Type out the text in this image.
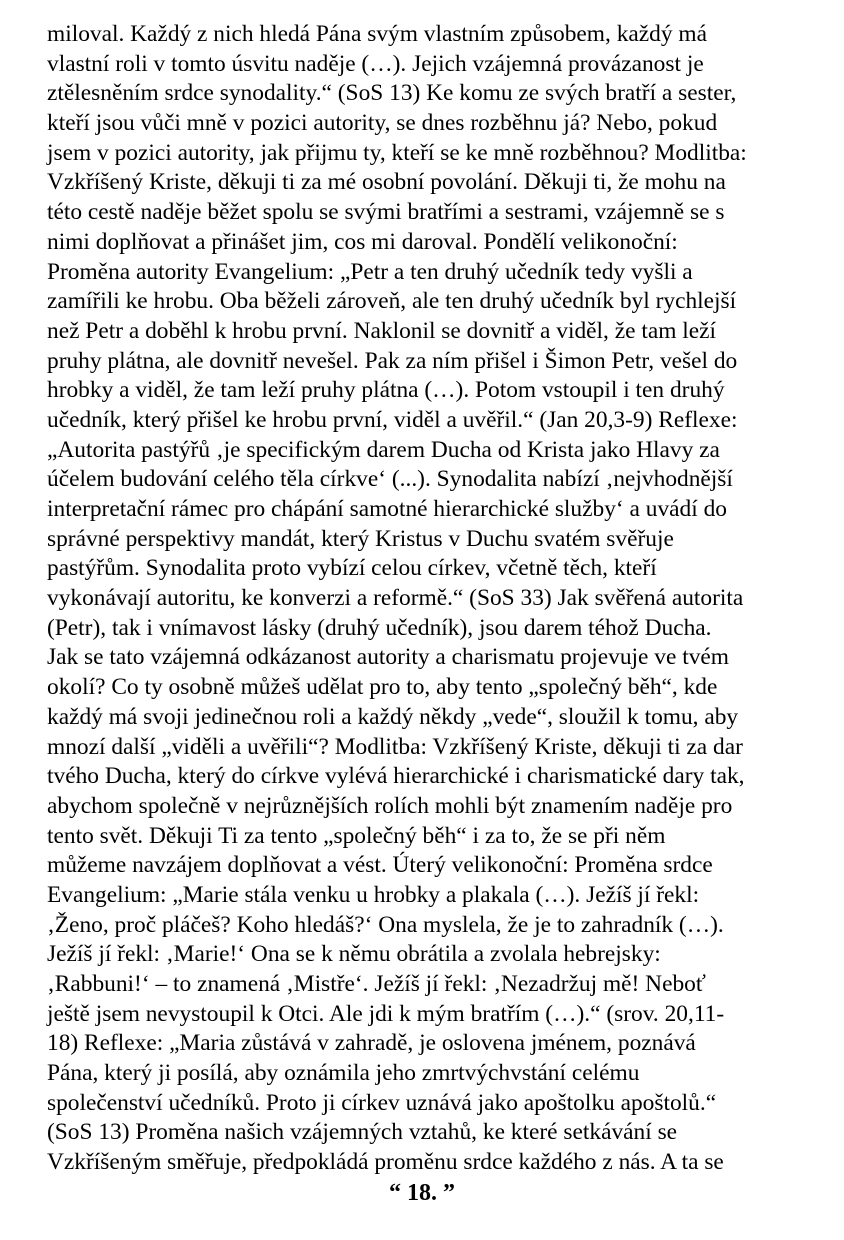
miloval. Každý z nich hledá Pána svým vlastním způsobem, každý má
vlastní roli v tomto úsvitu naděje (…). Jejich vzájemná provázanost je
ztělesněním srdce synodality.“ (SoS 13) Ke komu ze svých bratří a sester,
kteří jsou vůči mně v pozici autority, se dnes rozběhnu já? Nebo, pokud
jsem v pozici autority, jak přijmu ty, kteří se ke mně rozběhnou? Modlitba:
Vzkříšený Kriste, děkuji ti za mé osobní povolání. Děkuji ti, že mohu na
této cestě naděje běžet spolu se svými bratřími a sestrami, vzájemně se s
nimi doplňovat a přinášet jim, cos mi daroval. Pondělí velikonoční:
Proměna autority Evangelium: „Petr a ten druhý učedník tedy vyšli a
zamířili ke hrobu. Oba běželi zároveň, ale ten druhý učedník byl rychlejší
než Petr a doběhl k hrobu první. Naklonil se dovnitř a viděl, že tam leží
pruhy plátna, ale dovnitř nevešel. Pak za ním přišel i Šimon Petr, vešel do
hrobky a viděl, že tam leží pruhy plátna (…). Potom vstoupil i ten druhý
učedník, který přišel ke hrobu první, viděl a uvěřil.“ (Jan 20,3-9) Reflexe:
„Autorita pastýřů ‚je specifickým darem Ducha od Krista jako Hlavy za
účelem budování celého těla církve‘ (...). Synodalita nabízí ‚nejvhodnější
interpretační rámec pro chápání samotné hierarchické služby‘ a uvádí do
správné perspektivy mandát, který Kristus v Duchu svatém svěřuje
pastýřům. Synodalita proto vybízí celou církev, včetně těch, kteří
vykonávají autoritu, ke konverzi a reformě.“ (SoS 33) Jak svěřená autorita
(Petr), tak i vnímavost lásky (druhý učedník), jsou darem téhož Ducha.
Jak se tato vzájemná odkázanost autority a charismatu projevuje ve tvém
okolí? Co ty osobně můžeš udělat pro to, aby tento „společný běh“, kde
každý má svoji jedinečnou roli a každý někdy „vede“, sloužil k tomu, aby
mnozí další „viděli a uvěřili“? Modlitba: Vzkříšený Kriste, děkuji ti za dar
tvého Ducha, který do církve vylévá hierarchické i charismatické dary tak,
abychom společně v nejrůznějších rolích mohli být znamením naděje pro
tento svět. Děkuji Ti za tento „společný běh“ i za to, že se při něm
můžeme navzájem doplňovat a vést. Úterý velikonoční: Proměna srdce
Evangelium: „Marie stála venku u hrobky a plakala (…). Ježíš jí řekl:
‚Ženo, proč pláčeš? Koho hledáš?‘ Ona myslela, že je to zahradník (…).
Ježíš jí řekl: ‚Marie!‘ Ona se k němu obrátila a zvolala hebrejsky:
‚Rabbuni!‘ – to znamená ‚Mistře‘. Ježíš jí řekl: ‚Nezadržuj mě! Neboť
ještě jsem nevystoupil k Otci. Ale jdi k mým bratřím (…).“ (srov. 20,11-
18) Reflexe: „Maria zůstává v zahradě, je oslovena jménem, poznává
Pána, který ji posílá, aby oznámila jeho zmrtvýchvstání celému
společenství učedníků. Proto ji církev uznává jako apoštolku apoštolů.“
(SoS 13) Proměna našich vzájemných vztahů, ke které setkávání se
Vzkříšeným směřuje, předpokládá proměnu srdce každého z nás. A ta se
“ 18. ”
